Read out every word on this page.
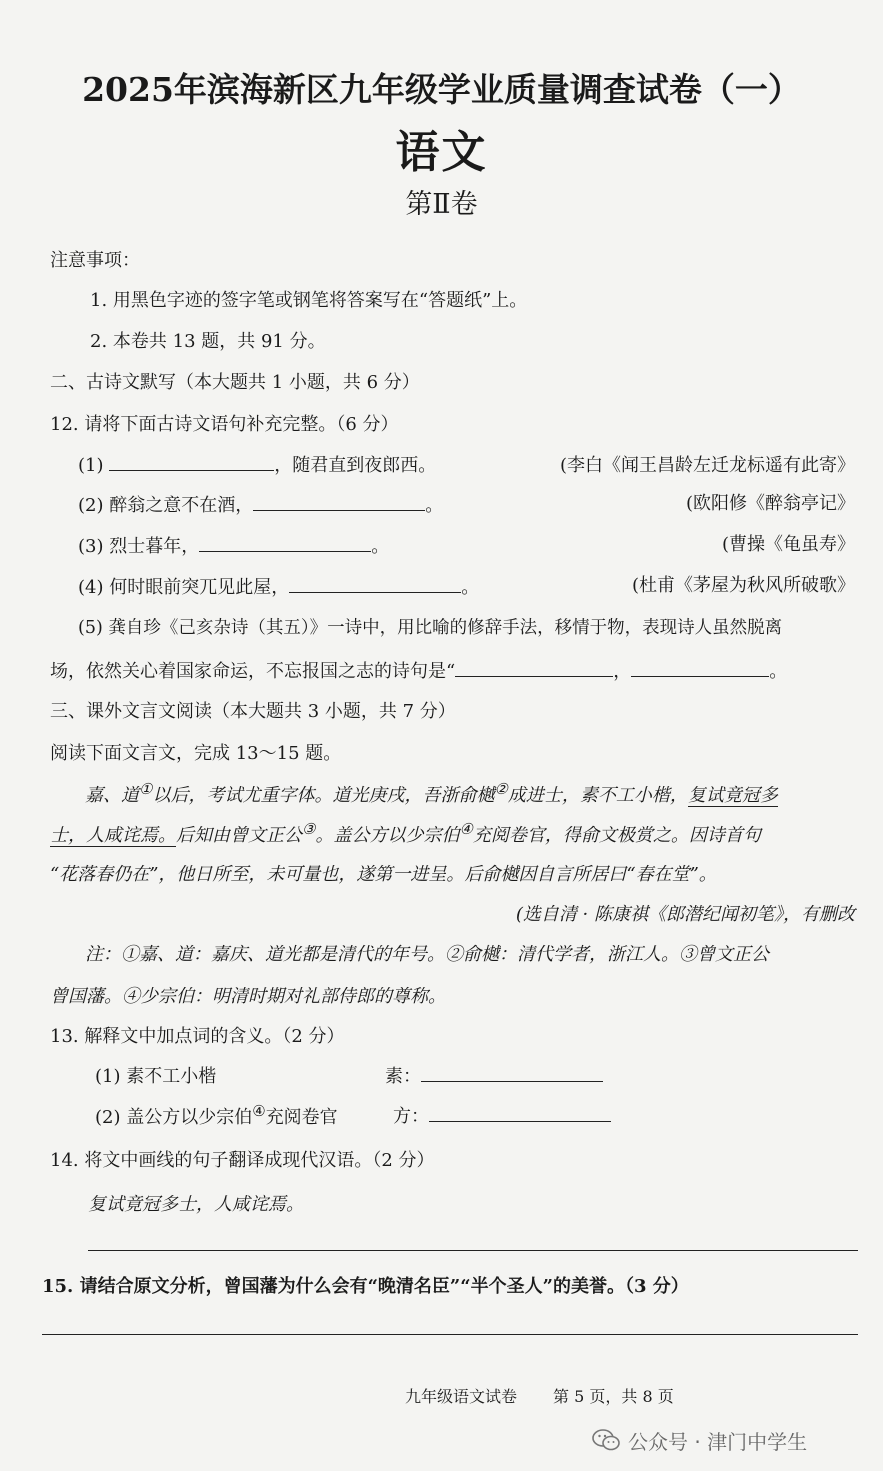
2025年滨海新区九年级学业质量调查试卷（一）
语文
第Ⅱ卷
注意事项：
1. 用黑色字迹的签字笔或钢笔将答案写在“答题纸”上。
2. 本卷共 13 题，共 91 分。
二、古诗文默写（本大题共 1 小题，共 6 分）
12. 请将下面古诗文语句补充完整。（6 分）
(1)	，随君直到夜郎西。	(李白《闻王昌龄左迁龙标遥有此寄》
(2) 醉翁之意不在酒，	。	(欧阳修《醉翁亭记》
(3) 烈士暮年，	。	(曹操《龟虽寿》
(4) 何时眼前突兀见此屋，	。	(杜甫《茅屋为秋风所破歌》
(5) 龚自珍《己亥杂诗（其五）》一诗中，用比喻的修辞手法，移情于物，表现诗人虽然脱离
场，依然关心着国家命运，不忘报国之志的诗句是“	，	。
三、课外文言文阅读（本大题共 3 小题，共 7 分）
阅读下面文言文，完成 13～15 题。
嘉、道①以后，考试尤重字体。道光庚戌，吾浙俞樾②成进士，素不工小楷，复试竟冠多
士，人咸诧焉。后知由曾文正公③。盖公方以少宗伯④充阅卷官，得俞文极赏之。因诗首句
“花落春仍在”，他日所至，未可量也，遂第一进呈。后俞樾因自言所居曰“春在堂”。
(选自清 · 陈康祺《郎潜纪闻初笔》，有删改
注：①嘉、道：嘉庆、道光都是清代的年号。②俞樾：清代学者，浙江人。③曾文正公
曾国藩。④少宗伯：明清时期对礼部侍郎的尊称。
13. 解释文中加点词的含义。（2 分）
(1) 素不工小楷	素：
(2) 盖公方以少宗伯④充阅卷官	方：
14. 将文中画线的句子翻译成现代汉语。（2 分）
复试竟冠多士，人咸诧焉。
15. 请结合原文分析，曾国藩为什么会有“晚清名臣”“半个圣人”的美誉。（3 分）
九年级语文试卷 第 5 页，共 8 页
公众号 · 津门中学生
